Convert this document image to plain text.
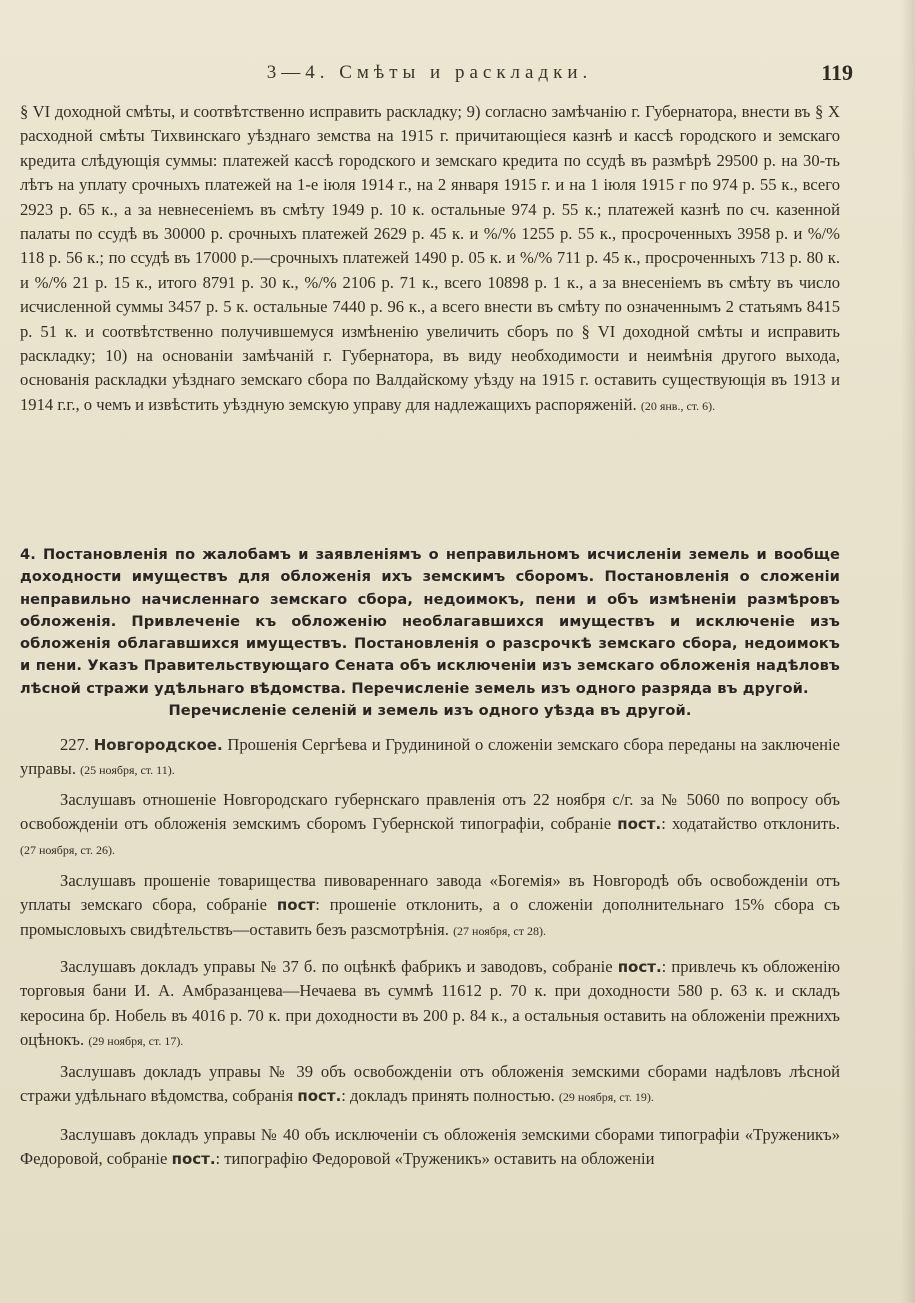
3—4. Смѣты и раскладки.	119
§ VI доходной смѣты, и соотвѣтственно исправить раскладку; 9) согласно замѣчанію г. Губернатора, внести въ § X расходной смѣты Тихвинскаго уѣзднаго земства на 1915 г. причитающіеся казнѣ и кассѣ городского и земскаго кредита слѣдующія суммы: платежей кассѣ городского и земскаго кредита по ссудѣ въ размѣрѣ 29500 р. на 30-ть лѣтъ на уплату срочныхъ платежей на 1-е іюля 1914 г., на 2 января 1915 г. и на 1 іюля 1915 г по 974 р. 55 к., всего 2923 р. 65 к., а за невнесеніемъ въ смѣту 1949 р. 10 к. остальные 974 р. 55 к.; платежей казнѣ по сч. казенной палаты по ссудѣ въ 30000 р. срочныхъ платежей 2629 р. 45 к. и %/% 1255 р. 55 к., просроченныхъ 3958 р. и %/% 118 р. 56 к.; по ссудѣ въ 17000 р.—срочныхъ платежей 1490 р. 05 к. и %/% 711 р. 45 к., просроченныхъ 713 р. 80 к. и %/% 21 р. 15 к., итого 8791 р. 30 к., %/% 2106 р. 71 к., всего 10898 р. 1 к., а за внесеніемъ въ смѣту въ число исчисленной суммы 3457 р. 5 к. остальные 7440 р. 96 к., а всего внести въ смѣту по означеннымъ 2 статьямъ 8415 р. 51 к. и соотвѣтственно получившемуся измѣненію увеличить сборъ по § VI доходной смѣты и исправить раскладку; 10) на основаніи замѣчаній г. Губернатора, въ виду необходимости и неимѣнія другого выхода, основанія раскладки уѣзднаго земскаго сбора по Валдайскому уѣзду на 1915 г. оставить существующія въ 1913 и 1914 г.г., о чемъ и извѣстить уѣздную земскую управу для надлежащихъ распоряженій. (20 янв., ст. 6).
4. Постановленія по жалобамъ и заявленіямъ о неправильномъ исчисленіи земель и вообще доходности имуществъ для обложенія ихъ земскимъ сборомъ. Постановленія о сложеніи неправильно начисленнаго земскаго сбора, недоимокъ, пени и объ измѣненіи размѣровъ обложенія. Привлеченіе къ обложенію необлагавшихся имуществъ и исключеніе изъ обложенія облагавшихся имуществъ. Постановленія о разсрочкѣ земскаго сбора, недоимокъ и пени. Указъ Правительствующаго Сената объ исключеніи изъ земскаго обложенія надѣловъ лѣсной стражи удѣльнаго вѣдомства. Перечисленіе земель изъ одного разряда въ другой.
Перечисленіе селеній и земель изъ одного уѣзда въ другой.
227. Новгородское. Прошенія Сергѣева и Грудининой о сложеніи земскаго сбора переданы на заключеніе управы. (25 ноября, ст. 11).
Заслушавъ отношеніе Новгородскаго губернскаго правленія отъ 22 ноября с/г. за № 5060 по вопросу объ освобожденіи отъ обложенія земскимъ сборомъ Губернской типографіи, собраніе пост.: ходатайство отклонить. (27 ноября, ст. 26).
Заслушавъ прошеніе товарищества пивовареннаго завода «Богемія» въ Новгородѣ объ освобожденіи отъ уплаты земскаго сбора, собраніе пост: прошеніе отклонить, а о сложеніи дополнительнаго 15% сбора съ промысловыхъ свидѣтельствъ—оставить безъ разсмотрѣнія. (27 ноября, ст 28).
Заслушавъ докладъ управы № 37 б. по оцѣнкѣ фабрикъ и заводовъ, собраніе пост.: привлечь къ обложенію торговыя бани И. А. Амбразанцева—Нечаева въ суммѣ 11612 р. 70 к. при доходности 580 р. 63 к. и складъ керосина бр. Нобель въ 4016 р. 70 к. при доходности въ 200 р. 84 к., а остальныя оставить на обложеніи прежнихъ оцѣнокъ. (29 ноября, ст. 17).
Заслушавъ докладъ управы № 39 объ освобожденіи отъ обложенія земскими сборами надѣловъ лѣсной стражи удѣльнаго вѣдомства, собранія пост.: докладъ принять полностью. (29 ноября, ст. 19).
Заслушавъ докладъ управы № 40 объ исключеніи съ обложенія земскими сборами типографіи «Труженикъ» Федоровой, собраніе пост.: типографію Федоровой «Труженикъ» оставить на обложеніи
